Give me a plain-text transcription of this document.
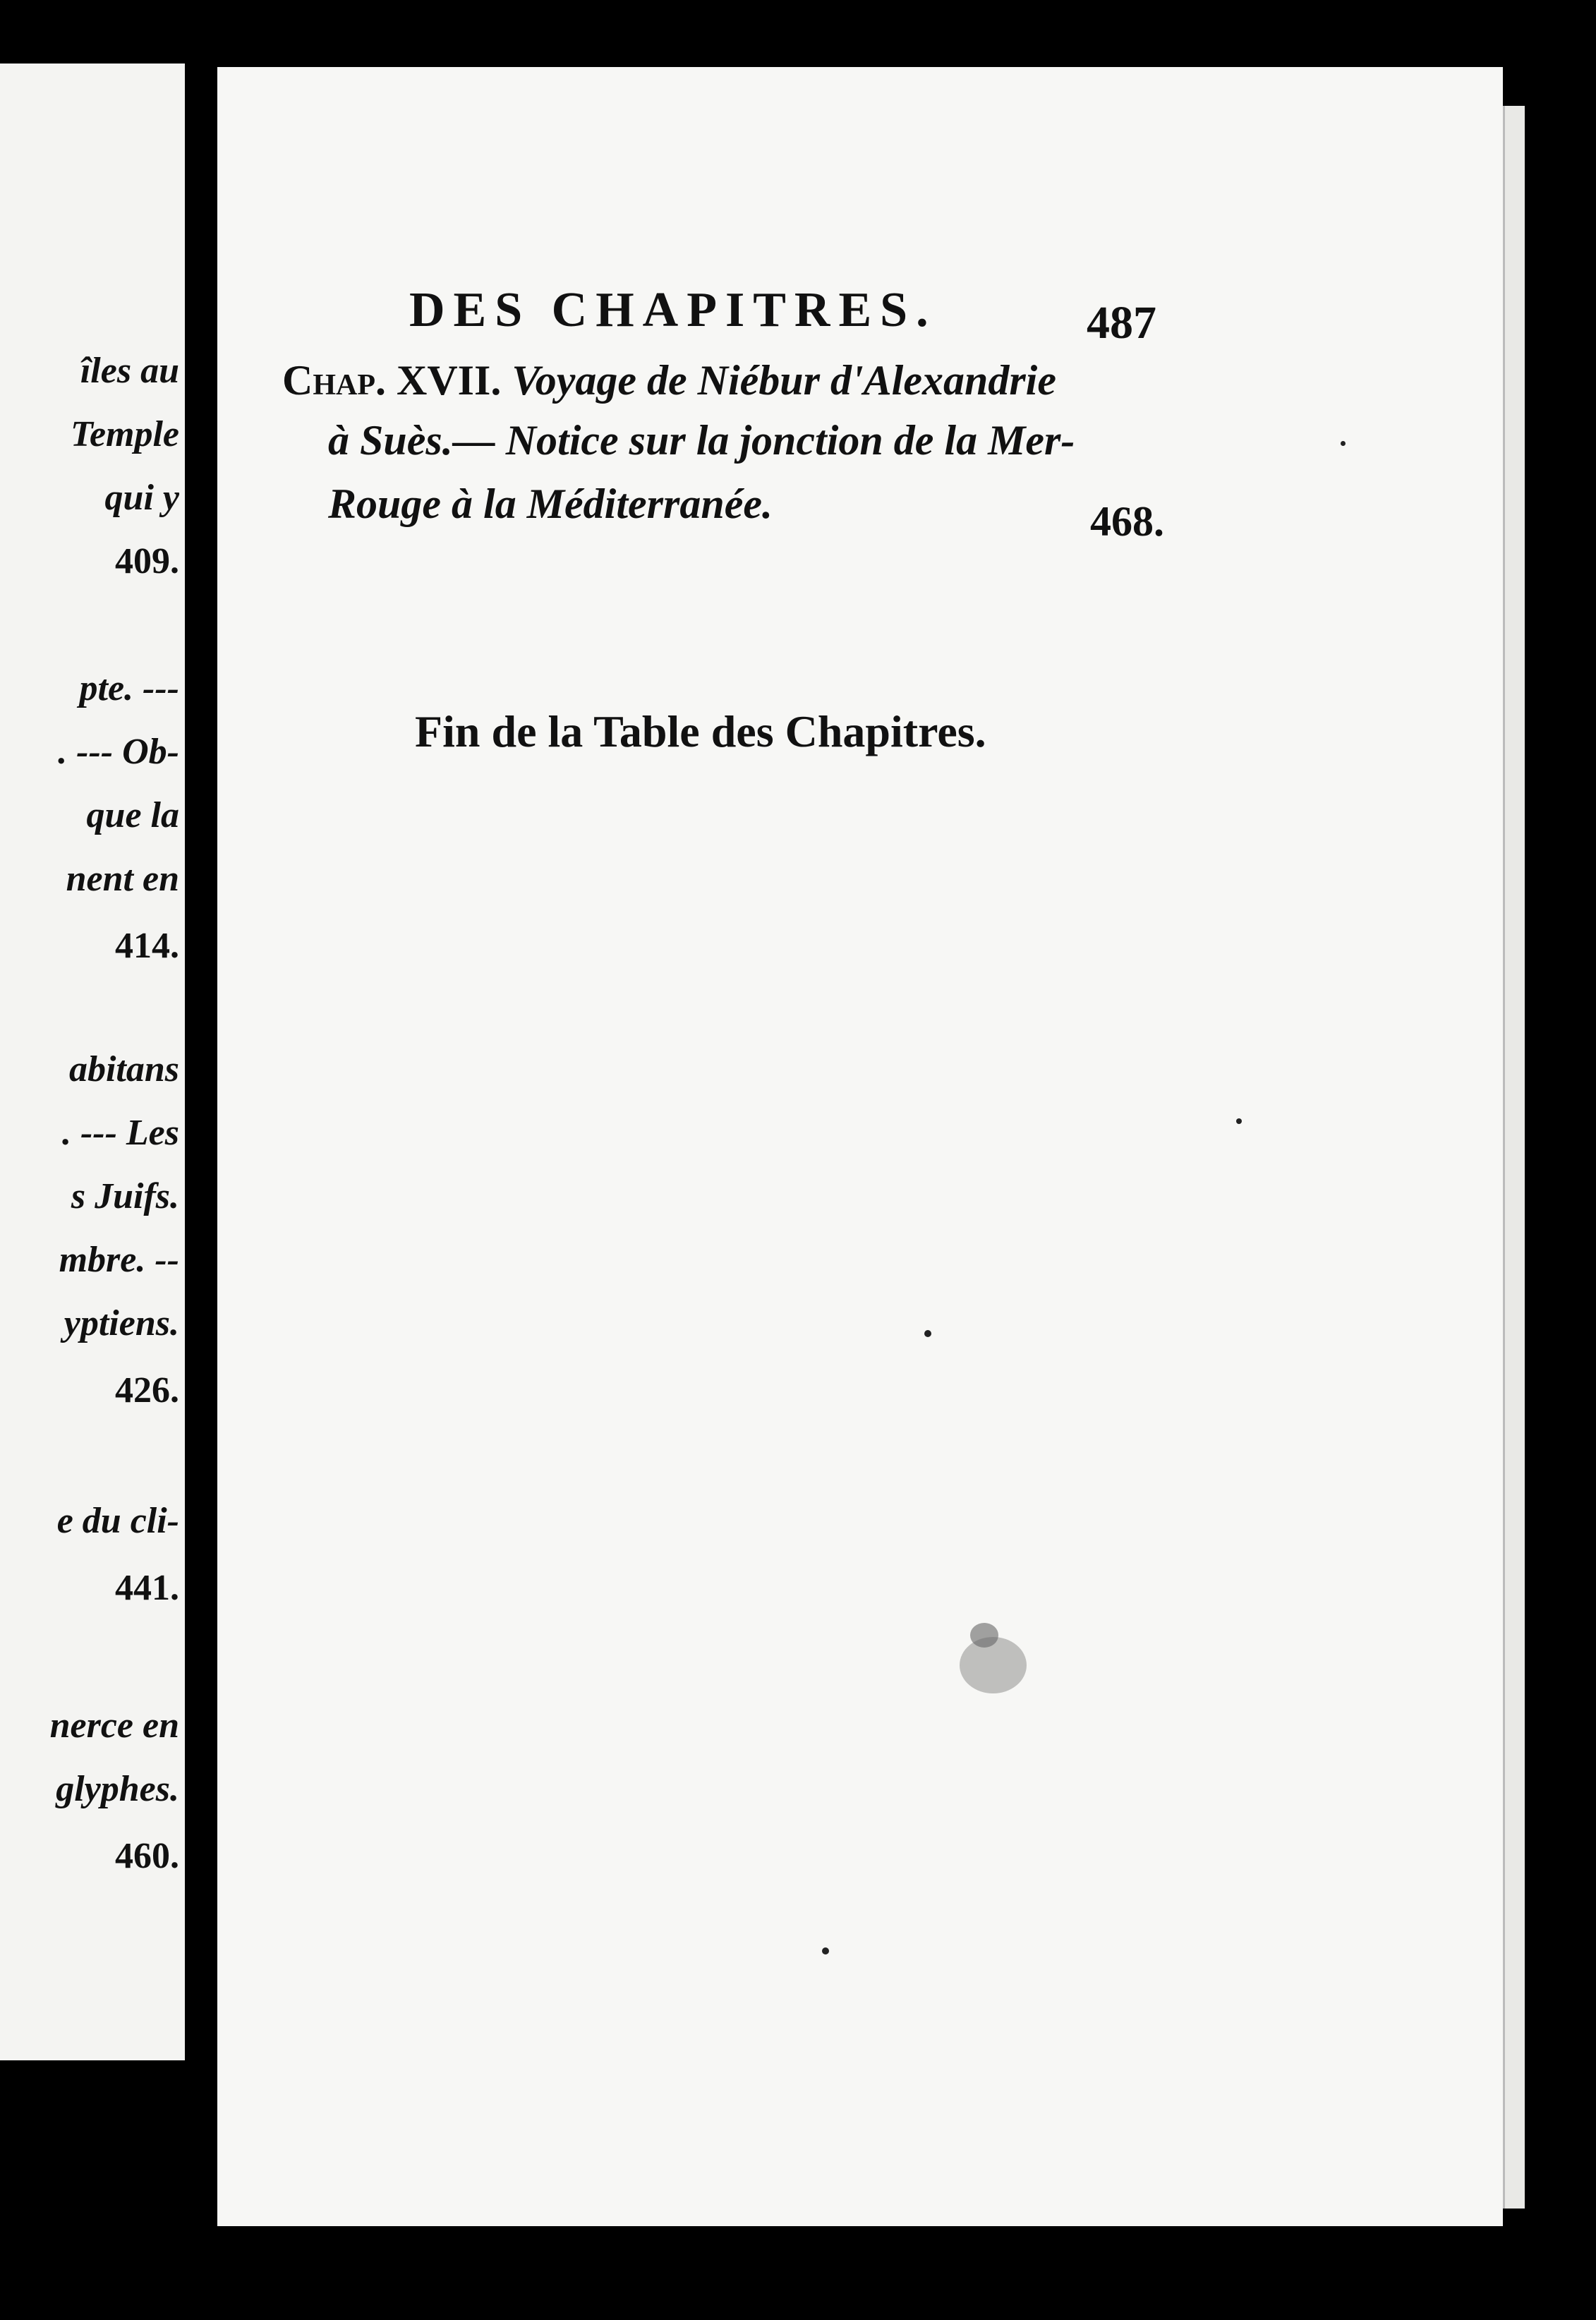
îles au
Temple
qui y
409.
pte. ---
. --- Ob-
que la
nent en
414.
abitans
. --- Les
s Juifs.
mbre. --
yptiens.
426.
e du cli-
441.
nerce en
glyphes.
460.
DES CHAPITRES.	487
Chap. XVII. Voyage de Niébur d'Alexandrie
à Suès.— Notice sur la jonction de la Mer-
Rouge à la Méditerranée.	468.
Fin de la Table des Chapitres.
